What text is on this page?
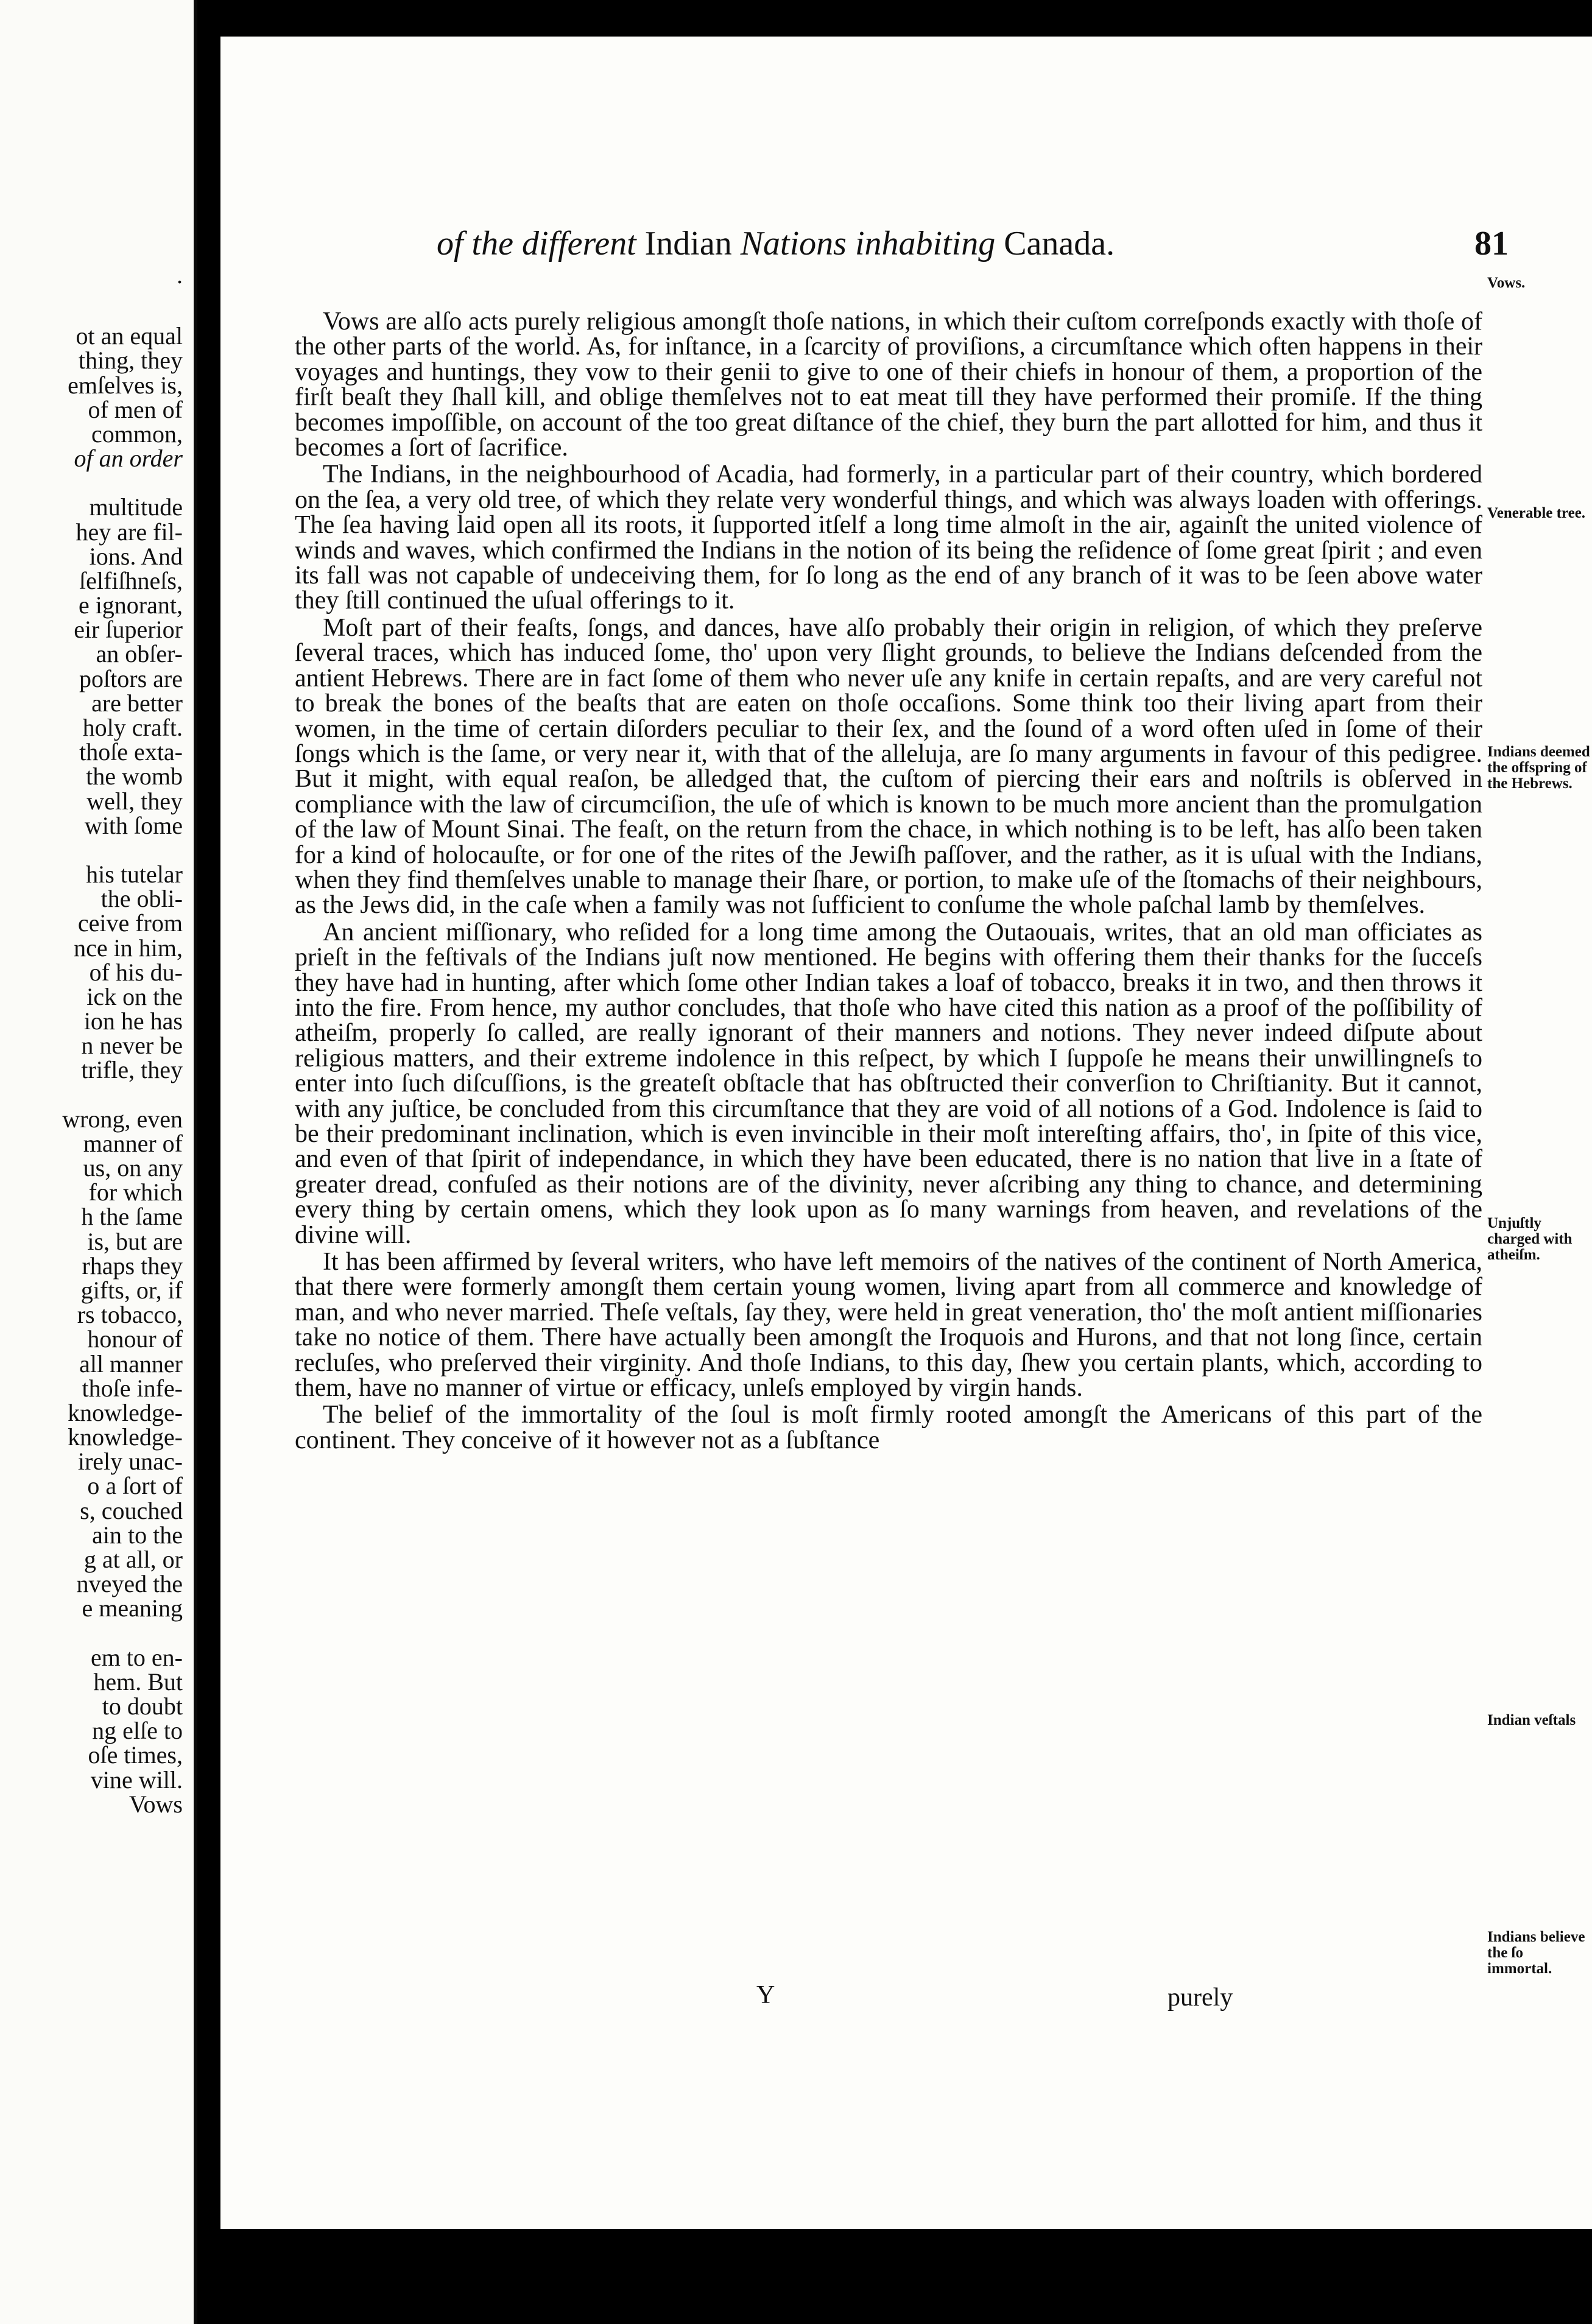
.
ot an equal
thing, they
emſelves is,
of men of
common,
of an order
multitude
hey are fil-
ions. And
ſelfiſhneſs,
e ignorant,
eir ſuperior
an obſer-
poſtors are
are better
holy craft.
thoſe exta-
the womb
well, they
with ſome
his tutelar
the obli-
ceive from
nce in him,
of his du-
ick on the
ion he has
n never be
trifle, they
wrong, even
manner of
us, on any
for which
h the ſame
is, but are
rhaps they
gifts, or, if
rs tobacco,
honour of
all manner
thoſe infe-
knowledge-
knowledge-
irely unac-
o a ſort of
s, couched
ain to the
g at all, or
nveyed the
e meaning
em to en-
hem. But
to doubt
ng elſe to
oſe times,
vine will.
Vows
of the different Indian Nations inhabiting Canada.	81

Vows are alſo acts purely religious amongſt thoſe nations, in which their cuſtom correſponds exactly with thoſe of the other parts of the world. As, for inſtance, in a ſcarcity of proviſions, a circumſtance which often happens in their voyages and huntings, they vow to their genii to give to one of their chiefs in honour of them, a proportion of the firſt beaſt they ſhall kill, and oblige themſelves not to eat meat till they have performed their promiſe. If the thing becomes impoſſible, on account of the too great diſtance of the chief, they burn the part allotted for him, and thus it becomes a ſort of ſacrifice.

The Indians, in the neighbourhood of Acadia, had formerly, in a particular part of their country, which bordered on the ſea, a very old tree, of which they relate very wonderful things, and which was always loaden with offerings. The ſea having laid open all its roots, it ſupported itſelf a long time almoſt in the air, againſt the united violence of winds and waves, which confirmed the Indians in the notion of its being the reſidence of ſome great ſpirit ; and even its fall was not capable of undeceiving them, for ſo long as the end of any branch of it was to be ſeen above water they ſtill continued the uſual offerings to it.

Moſt part of their feaſts, ſongs, and dances, have alſo probably their origin in religion, of which they preſerve ſeveral traces, which has induced ſome, tho' upon very ſlight grounds, to believe the Indians deſcended from the antient Hebrews. There are in fact ſome of them who never uſe any knife in certain repaſts, and are very careful not to break the bones of the beaſts that are eaten on thoſe occaſions. Some think too their living apart from their women, in the time of certain diſorders peculiar to their ſex, and the ſound of a word often uſed in ſome of their ſongs which is the ſame, or very near it, with that of the alleluja, are ſo many arguments in favour of this pedigree. But it might, with equal reaſon, be alledged that, the cuſtom of piercing their ears and noſtrils is obſerved in compliance with the law of circumciſion, the uſe of which is known to be much more ancient than the promulgation of the law of Mount Sinai. The feaſt, on the return from the chace, in which nothing is to be left, has alſo been taken for a kind of holocauſte, or for one of the rites of the Jewiſh paſſover, and the rather, as it is uſual with the Indians, when they find themſelves unable to manage their ſhare, or portion, to make uſe of the ſtomachs of their neighbours, as the Jews did, in the caſe when a family was not ſufficient to conſume the whole paſchal lamb by themſelves.

An ancient miſſionary, who reſided for a long time among the Outaouais, writes, that an old man officiates as prieſt in the feſtivals of the Indians juſt now mentioned. He begins with offering them their thanks for the ſucceſs they have had in hunting, after which ſome other Indian takes a loaf of tobacco, breaks it in two, and then throws it into the fire. From hence, my author concludes, that thoſe who have cited this nation as a proof of the poſſibility of atheiſm, properly ſo called, are really ignorant of their manners and notions. They never indeed diſpute about religious matters, and their extreme indolence in this reſpect, by which I ſuppoſe he means their unwillingneſs to enter into ſuch diſcuſſions, is the greateſt obſtacle that has obſtructed their converſion to Chriſtianity. But it cannot, with any juſtice, be concluded from this circumſtance that they are void of all notions of a God. Indolence is ſaid to be their predominant inclination, which is even invincible in their moſt intereſting affairs, tho', in ſpite of this vice, and even of that ſpirit of independance, in which they have been educated, there is no nation that live in a ſtate of greater dread, confuſed as their notions are of the divinity, never aſcribing any thing to chance, and determining every thing by certain omens, which they look upon as ſo many warnings from heaven, and revelations of the divine will.

It has been affirmed by ſeveral writers, who have left memoirs of the natives of the continent of North America, that there were formerly amongſt them certain young women, living apart from all commerce and knowledge of man, and who never married. Theſe veſtals, ſay they, were held in great veneration, tho' the moſt antient miſſionaries take no notice of them. There have actually been amongſt the Iroquois and Hurons, and that not long ſince, certain recluſes, who preſerved their virginity. And thoſe Indians, to this day, ſhew you certain plants, which, according to them, have no manner of virtue or efficacy, unleſs employed by virgin hands.

The belief of the immortality of the ſoul is moſt firmly rooted amongſt the Americans of this part of the continent. They conceive of it however not as a ſubſtance

Vows.
Venerable tree.
Indians deemed the offspring of the Hebrews.
Unjuſtly charged with atheiſm.
Indian veſtals
Indians believe the ſo immortal.
Y	purely
